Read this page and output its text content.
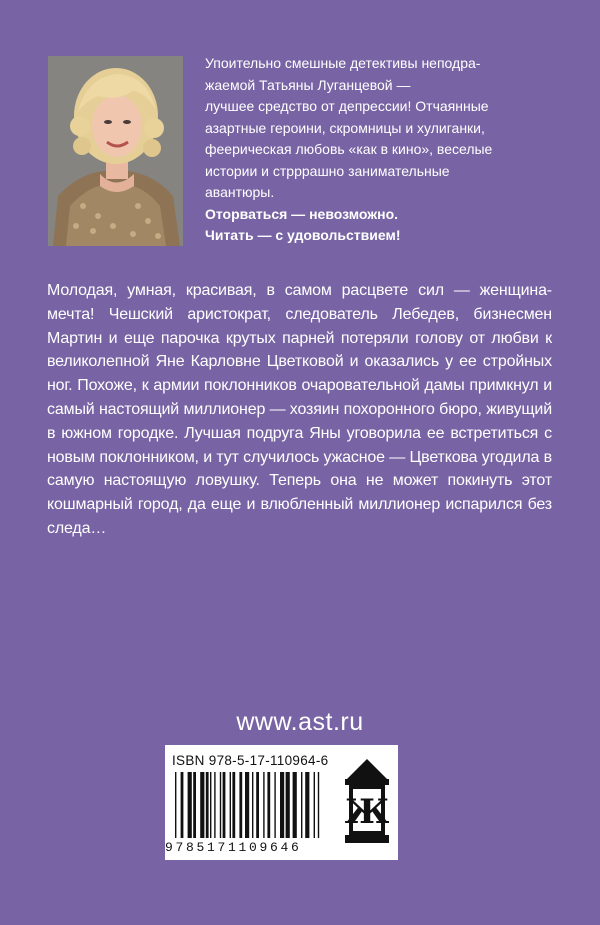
Упоительно смешные детективы неподра-

жаемой Татьяны Луганцевой —

лучшее средство от депрессии! Отчаянные

азартные героини, скромницы и хулиганки,

феерическая любовь «как в кино», веселые

истории и стрррашно занимательные

авантюры.

Оторваться — невозможно.

Читать — с удовольствием!

Молодая, умная, красивая, в самом расцвете сил — женщина-мечта! Чешский аристократ, следователь Лебедев, бизнесмен Мартин и еще парочка крутых парней потеряли голову от любви к великолепной Яне Карловне Цветковой и оказались у ее стройных ног. Похоже, к армии поклонников очаровательной дамы примкнул и самый настоящий миллионер — хозяин похоронного бюро, живущий в южном городке. Лучшая подруга Яны уговорила ее встретиться с новым поклонником, и тут случилось ужасное — Цветкова угодила в самую настоящую ловушку. Теперь она не может покинуть этот кошмарный город, да еще и влюбленный миллионер испарился без следа…
www.ast.ru
ISBN 978-5-17-110964-6
9785171109646
Ж
